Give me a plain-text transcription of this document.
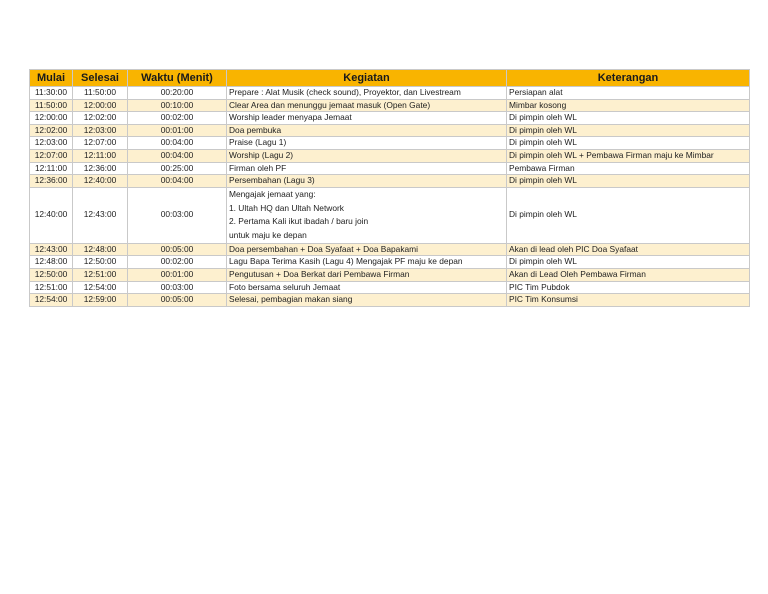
Mulai	Selesai	Waktu (Menit)	Kegiatan	Keterangan
11:30:00	11:50:00	00:20:00	Prepare : Alat Musik (check sound), Proyektor, dan Livestream	Persiapan alat
11:50:00	12:00:00	00:10:00	Clear Area dan menunggu jemaat masuk (Open Gate)	Mimbar kosong
12:00:00	12:02:00	00:02:00	Worship leader menyapa Jemaat	Di pimpin oleh WL
12:02:00	12:03:00	00:01:00	Doa pembuka	Di pimpin oleh WL
12:03:00	12:07:00	00:04:00	Praise (Lagu 1)	Di pimpin oleh WL
12:07:00	12:11:00	00:04:00	Worship (Lagu 2)	Di pimpin oleh WL + Pembawa Firman maju ke Mimbar
12:11:00	12:36:00	00:25:00	Firman oleh PF	Pembawa Firman
12:36:00	12:40:00	00:04:00	Persembahan (Lagu 3)	Di pimpin oleh WL
12:40:00	12:43:00	00:03:00	Mengajak jemaat yang:
1. Ultah HQ dan Ultah Network
2. Pertama Kali ikut ibadah / baru join
untuk maju ke depan	Di pimpin oleh WL
12:43:00	12:48:00	00:05:00	Doa persembahan + Doa Syafaat + Doa Bapakami	Akan di lead oleh PIC Doa Syafaat
12:48:00	12:50:00	00:02:00	Lagu Bapa Terima Kasih (Lagu 4) Mengajak PF maju ke depan	Di pimpin oleh WL
12:50:00	12:51:00	00:01:00	Pengutusan + Doa Berkat dari Pembawa Firman	Akan di Lead Oleh Pembawa Firman
12:51:00	12:54:00	00:03:00	Foto bersama seluruh Jemaat	PIC Tim Pubdok
12:54:00	12:59:00	00:05:00	Selesai, pembagian makan siang	PIC Tim Konsumsi
